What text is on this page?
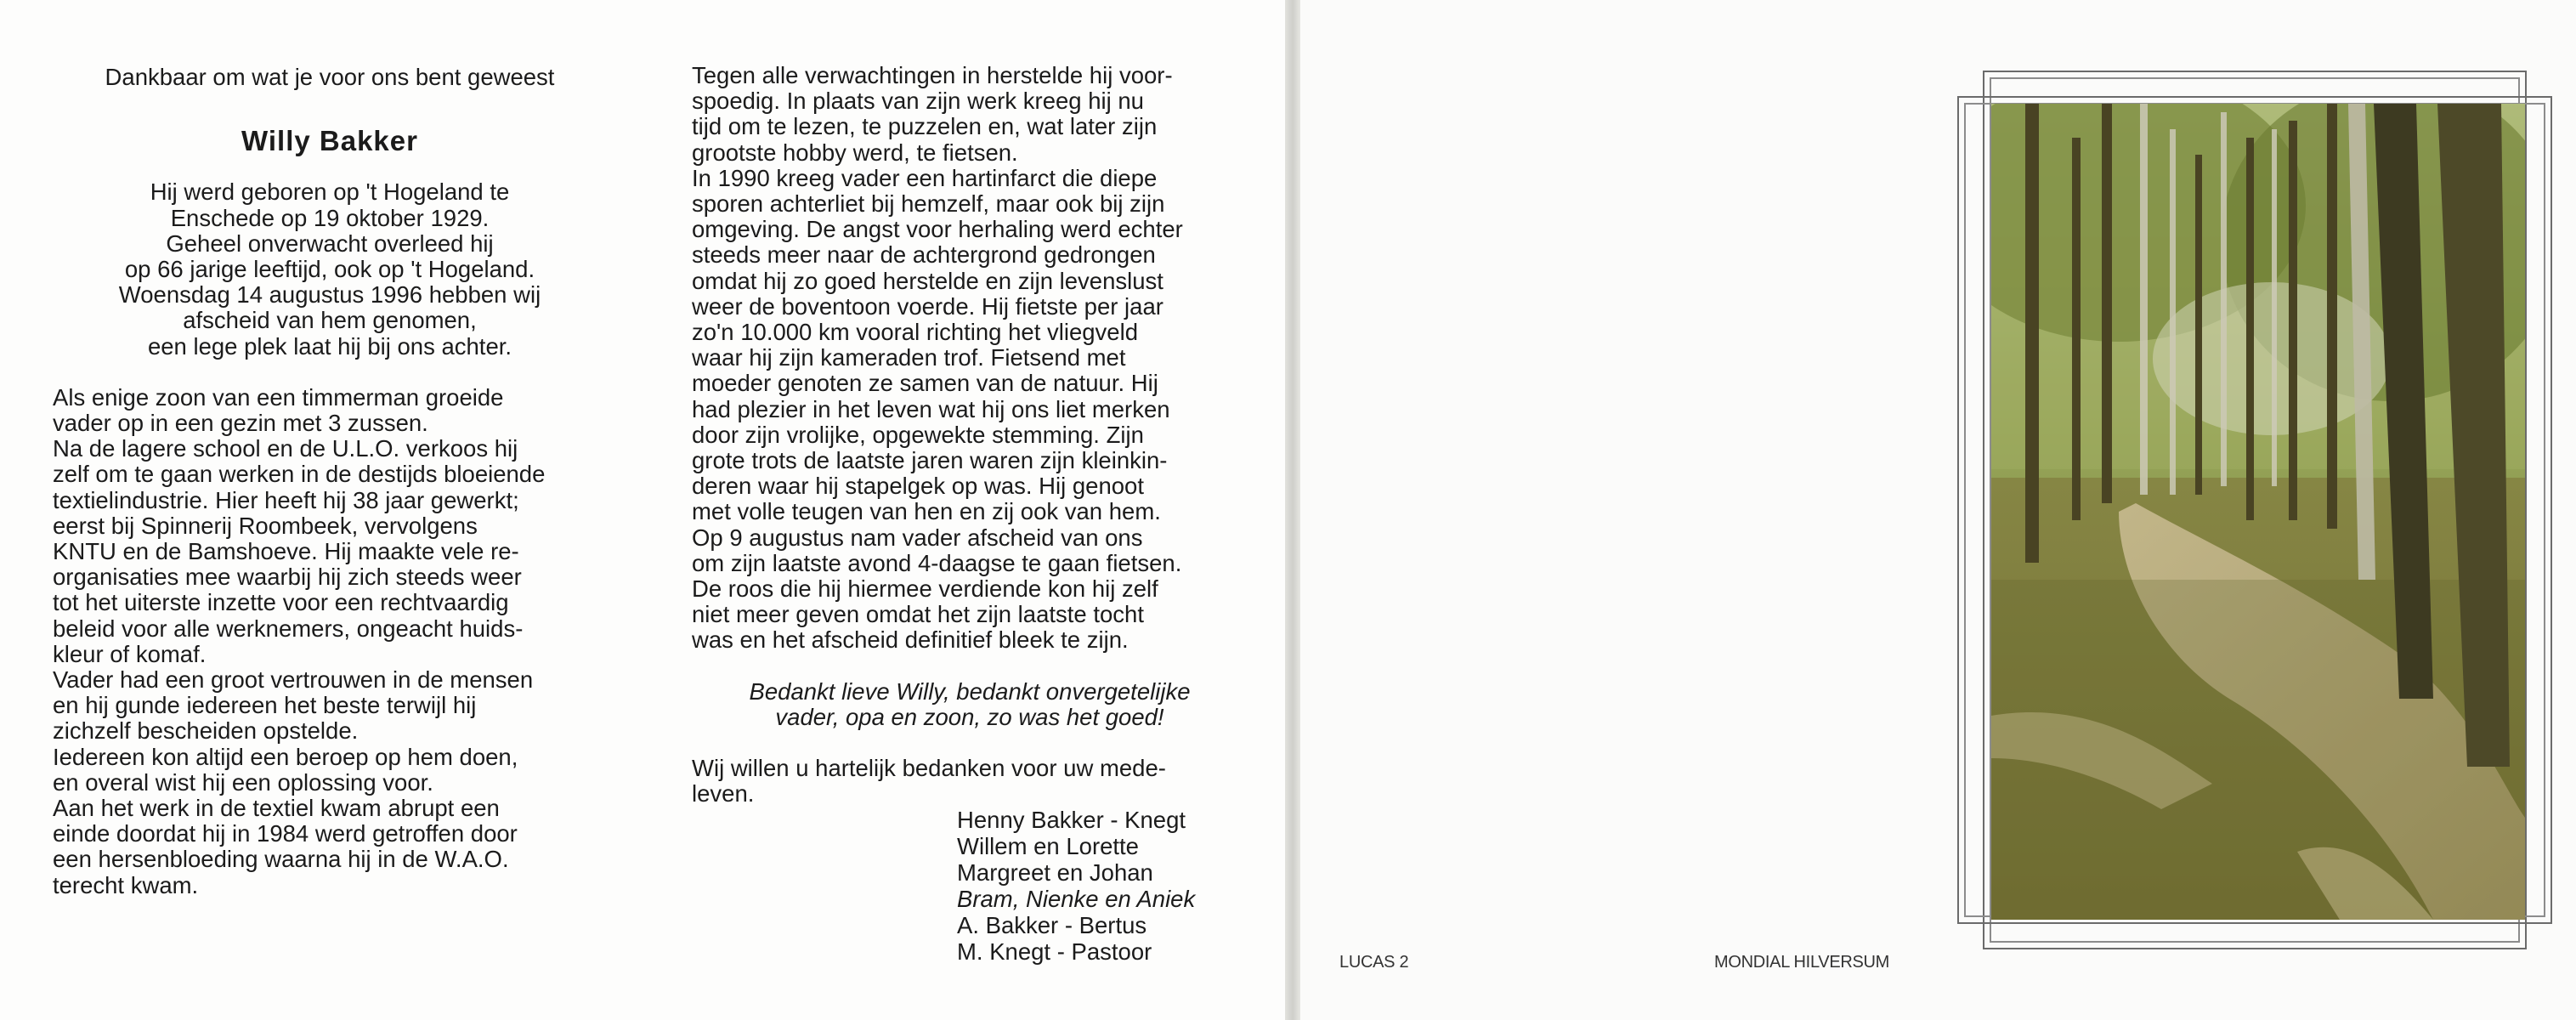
Dankbaar om wat je voor ons bent geweest

Willy Bakker

Hij werd geboren op 't Hogeland te
Enschede op 19 oktober 1929.
Geheel onverwacht overleed hij
op 66 jarige leeftijd, ook op 't Hogeland.
Woensdag 14 augustus 1996 hebben wij
afscheid van hem genomen,
een lege plek laat hij bij ons achter.
Als enige zoon van een timmerman groeide
vader op in een gezin met 3 zussen.
Na de lagere school en de U.L.O. verkoos hij
zelf om te gaan werken in de destijds bloeiende
textielindustrie. Hier heeft hij 38 jaar gewerkt;
eerst bij Spinnerij Roombeek, vervolgens
KNTU en de Bamshoeve. Hij maakte vele re-
organisaties mee waarbij hij zich steeds weer
tot het uiterste inzette voor een rechtvaardig
beleid voor alle werknemers, ongeacht huids-
kleur of komaf.
Vader had een groot vertrouwen in de mensen
en hij gunde iedereen het beste terwijl hij
zichzelf bescheiden opstelde.
Iedereen kon altijd een beroep op hem doen,
en overal wist hij een oplossing voor.
Aan het werk in de textiel kwam abrupt een
einde doordat hij in 1984 werd getroffen door
een hersenbloeding waarna hij in de W.A.O.
terecht kwam.
Tegen alle verwachtingen in herstelde hij voor-
spoedig. In plaats van zijn werk kreeg hij nu
tijd om te lezen, te puzzelen en, wat later zijn
grootste hobby werd, te fietsen.
In 1990 kreeg vader een hartinfarct die diepe
sporen achterliet bij hemzelf, maar ook bij zijn
omgeving. De angst voor herhaling werd echter
steeds meer naar de achtergrond gedrongen
omdat hij zo goed herstelde en zijn levenslust
weer de boventoon voerde. Hij fietste per jaar
zo'n 10.000 km vooral richting het vliegveld
waar hij zijn kameraden trof. Fietsend met
moeder genoten ze samen van de natuur. Hij
had plezier in het leven wat hij ons liet merken
door zijn vrolijke, opgewekte stemming. Zijn
grote trots de laatste jaren waren zijn kleinkin-
deren waar hij stapelgek op was. Hij genoot
met volle teugen van hen en zij ook van hem.
Op 9 augustus nam vader afscheid van ons
om zijn laatste avond 4-daagse te gaan fietsen.
De roos die hij hiermee verdiende kon hij zelf
niet meer geven omdat het zijn laatste tocht
was en het afscheid definitief bleek te zijn.
Bedankt lieve Willy, bedankt onvergetelijke
vader, opa en zoon, zo was het goed!
Wij willen u hartelijk bedanken voor uw mede-
leven.
Henny Bakker - Knegt
Willem en Lorette
Margreet en Johan
Bram, Nienke en Aniek
A. Bakker - Bertus
M. Knegt - Pastoor	LUCAS 2	MONDIAL HILVERSUM
